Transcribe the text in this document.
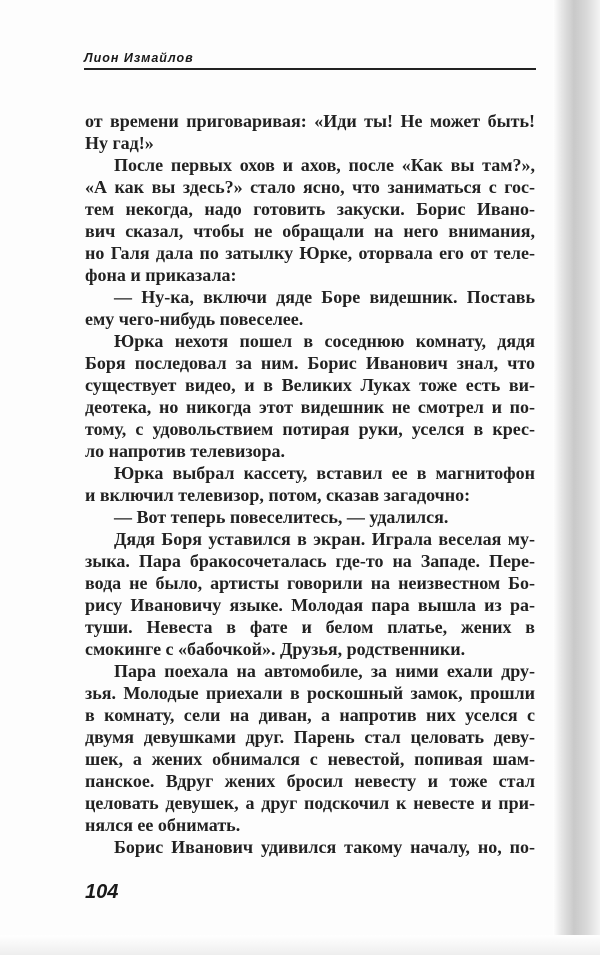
Лион Измайлов
от времени приговаривая: «Иди ты! Не может быть!
Ну гад!»
После первых охов и ахов, после «Как вы там?»,
«А как вы здесь?» стало ясно, что заниматься с гос-
тем некогда, надо готовить закуски. Борис Ивано-
вич сказал, чтобы не обращали на него внимания,
но Галя дала по затылку Юрке, оторвала его от теле-
фона и приказала:
— Ну-ка, включи дяде Боре видешник. Поставь
ему чего-нибудь повеселее.
Юрка нехотя пошел в соседнюю комнату, дядя
Боря последовал за ним. Борис Иванович знал, что
существует видео, и в Великих Луках тоже есть ви-
деотека, но никогда этот видешник не смотрел и по-
тому, с удовольствием потирая руки, уселся в крес-
ло напротив телевизора.
Юрка выбрал кассету, вставил ее в магнитофон
и включил телевизор, потом, сказав загадочно:
— Вот теперь повеселитесь, — удалился.
Дядя Боря уставился в экран. Играла веселая му-
зыка. Пара бракосочеталась где-то на Западе. Пере-
вода не было, артисты говорили на неизвестном Бо-
рису Ивановичу языке. Молодая пара вышла из ра-
туши. Невеста в фате и белом платье, жених в
смокинге с «бабочкой». Друзья, родственники.
Пара поехала на автомобиле, за ними ехали дру-
зья. Молодые приехали в роскошный замок, прошли
в комнату, сели на диван, а напротив них уселся с
двумя девушками друг. Парень стал целовать деву-
шек, а жених обнимался с невестой, попивая шам-
панское. Вдруг жених бросил невесту и тоже стал
целовать девушек, а друг подскочил к невесте и при-
нялся ее обнимать.
Борис Иванович удивился такому началу, но, по-
104
